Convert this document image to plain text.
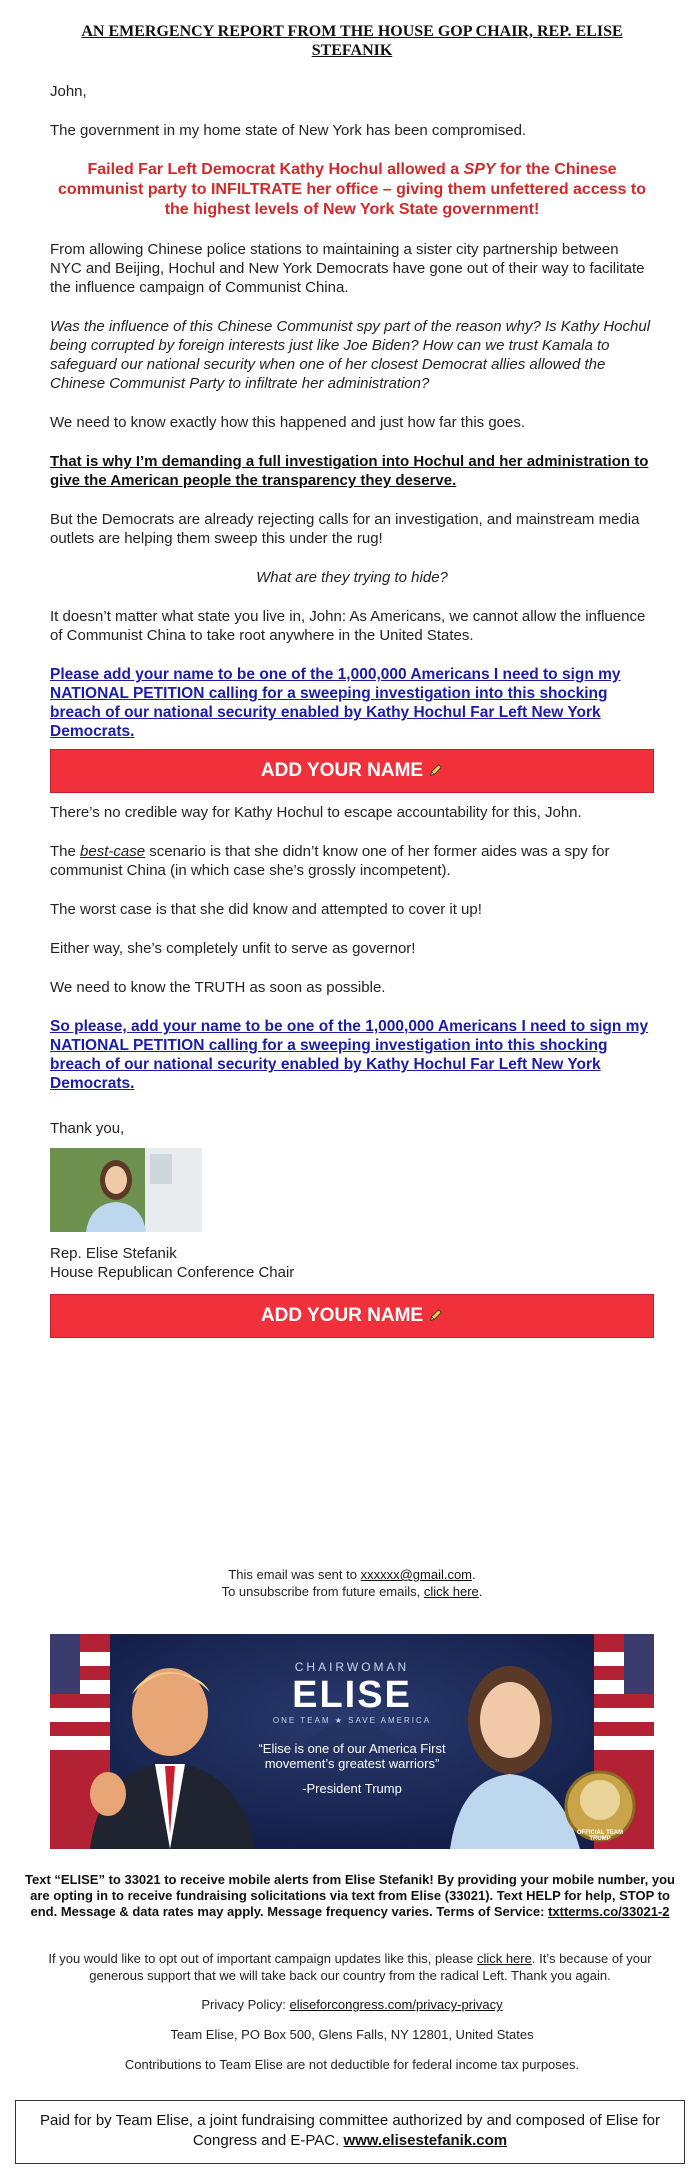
AN EMERGENCY REPORT FROM THE HOUSE GOP CHAIR, REP. ELISE STEFANIK

John,

The government in my home state of New York has been compromised.

Failed Far Left Democrat Kathy Hochul allowed a SPY for the Chinese communist party to INFILTRATE her office – giving them unfettered access to the highest levels of New York State government!

From allowing Chinese police stations to maintaining a sister city partnership between NYC and Beijing, Hochul and New York Democrats have gone out of their way to facilitate the influence campaign of Communist China.

Was the influence of this Chinese Communist spy part of the reason why? Is Kathy Hochul being corrupted by foreign interests just like Joe Biden? How can we trust Kamala to safeguard our national security when one of her closest Democrat allies allowed the Chinese Communist Party to infiltrate her administration?

We need to know exactly how this happened and just how far this goes.

That is why I’m demanding a full investigation into Hochul and her administration to give the American people the transparency they deserve.

But the Democrats are already rejecting calls for an investigation, and mainstream media outlets are helping them sweep this under the rug!

What are they trying to hide?

It doesn’t matter what state you live in, John: As Americans, we cannot allow the influence of Communist China to take root anywhere in the United States.

Please add your name to be one of the 1,000,000 Americans I need to sign my NATIONAL PETITION calling for a sweeping investigation into this shocking breach of our national security enabled by Kathy Hochul Far Left New York Democrats.

ADD YOUR NAME

There’s no credible way for Kathy Hochul to escape accountability for this, John.

The best-case scenario is that she didn’t know one of her former aides was a spy for communist China (in which case she’s grossly incompetent).

The worst case is that she did know and attempted to cover it up!

Either way, she’s completely unfit to serve as governor!

We need to know the TRUTH as soon as possible.

So please, add your name to be one of the 1,000,000 Americans I need to sign my NATIONAL PETITION calling for a sweeping investigation into this shocking breach of our national security enabled by Kathy Hochul Far Left New York Democrats.

Thank you,

Rep. Elise Stefanik

House Republican Conference Chair

ADD YOUR NAME
This email was sent to xxxxxx@gmail.com.
To unsubscribe from future emails, click here.
CHAIRWOMAN
ELISE
ONE TEAM ★ SAVE AMERICA
“Elise is one of our America First movement’s greatest warriors”
-President Trump
OFFICIAL TEAM TRUMP
Text “ELISE” to 33021 to receive mobile alerts from Elise Stefanik! By providing your mobile number, you are opting in to receive fundraising solicitations via text from Elise (33021). Text HELP for help, STOP to end. Message & data rates may apply. Message frequency varies. Terms of Service: txtterms.co/33021-2
If you would like to opt out of important campaign updates like this, please click here. It’s because of your generous support that we will take back our country from the radical Left. Thank you again.
Privacy Policy: eliseforcongress.com/privacy-privacy
Team Elise, PO Box 500, Glens Falls, NY 12801, United States
Contributions to Team Elise are not deductible for federal income tax purposes.
Paid for by Team Elise, a joint fundraising committee authorized by and composed of Elise for Congress and E-PAC. www.elisestefanik.com
